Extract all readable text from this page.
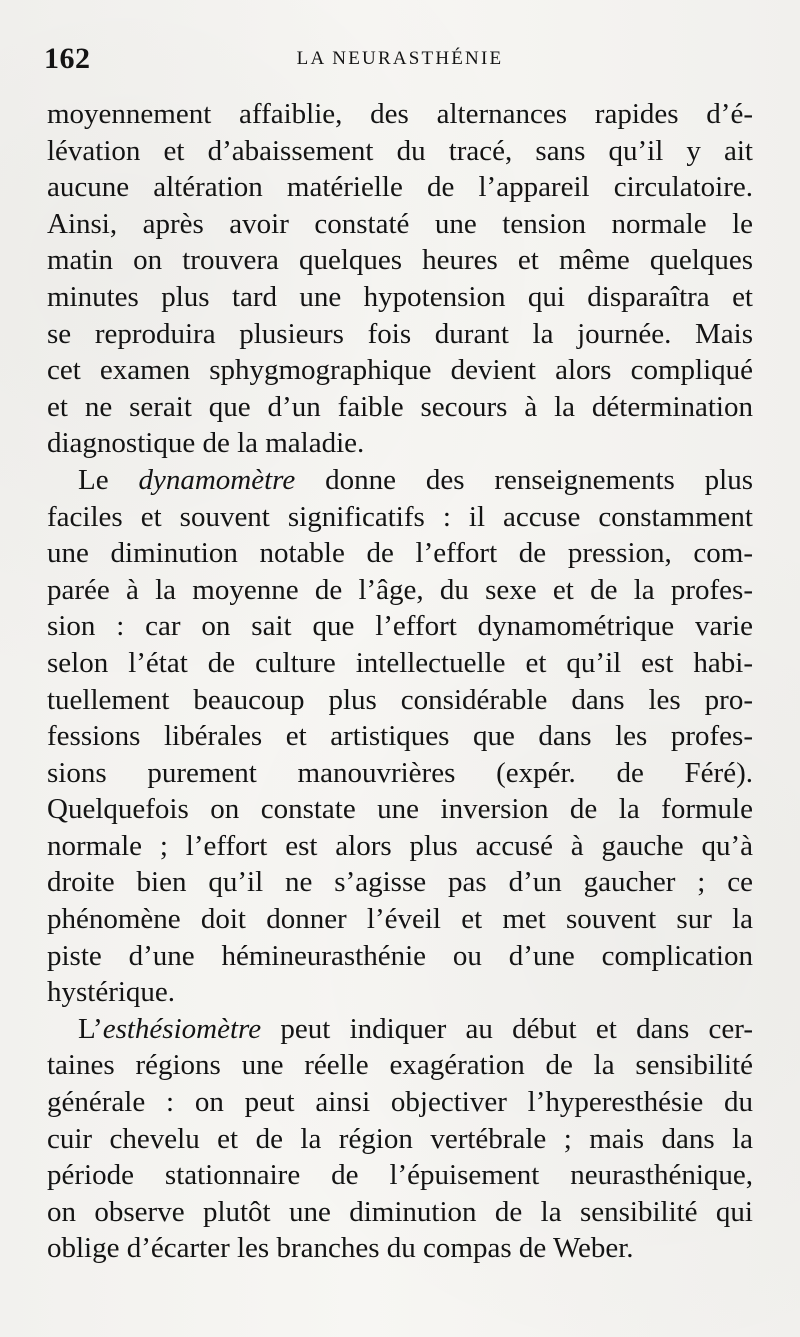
162	LA NEURASTHÉNIE
moyennement affaiblie, des alternances rapides d’é-
lévation et d’abaissement du tracé, sans qu’il y ait
aucune altération matérielle de l’appareil circulatoire.
Ainsi, après avoir constaté une tension normale le
matin on trouvera quelques heures et même quelques
minutes plus tard une hypotension qui disparaîtra et
se reproduira plusieurs fois durant la journée. Mais
cet examen sphygmographique devient alors compliqué
et ne serait que d’un faible secours à la détermination
diagnostique de la maladie.
Le dynamomètre donne des renseignements plus
faciles et souvent significatifs : il accuse constamment
une diminution notable de l’effort de pression, com-
parée à la moyenne de l’âge, du sexe et de la profes-
sion : car on sait que l’effort dynamométrique varie
selon l’état de culture intellectuelle et qu’il est habi-
tuellement beaucoup plus considérable dans les pro-
fessions libérales et artistiques que dans les profes-
sions purement manouvrières (expér. de Féré).
Quelquefois on constate une inversion de la formule
normale ; l’effort est alors plus accusé à gauche qu’à
droite bien qu’il ne s’agisse pas d’un gaucher ; ce
phénomène doit donner l’éveil et met souvent sur la
piste d’une hémineurasthénie ou d’une complication
hystérique.
L’esthésiomètre peut indiquer au début et dans cer-
taines régions une réelle exagération de la sensibilité
générale : on peut ainsi objectiver l’hyperesthésie du
cuir chevelu et de la région vertébrale ; mais dans la
période stationnaire de l’épuisement neurasthénique,
on observe plutôt une diminution de la sensibilité qui
oblige d’écarter les branches du compas de Weber.
